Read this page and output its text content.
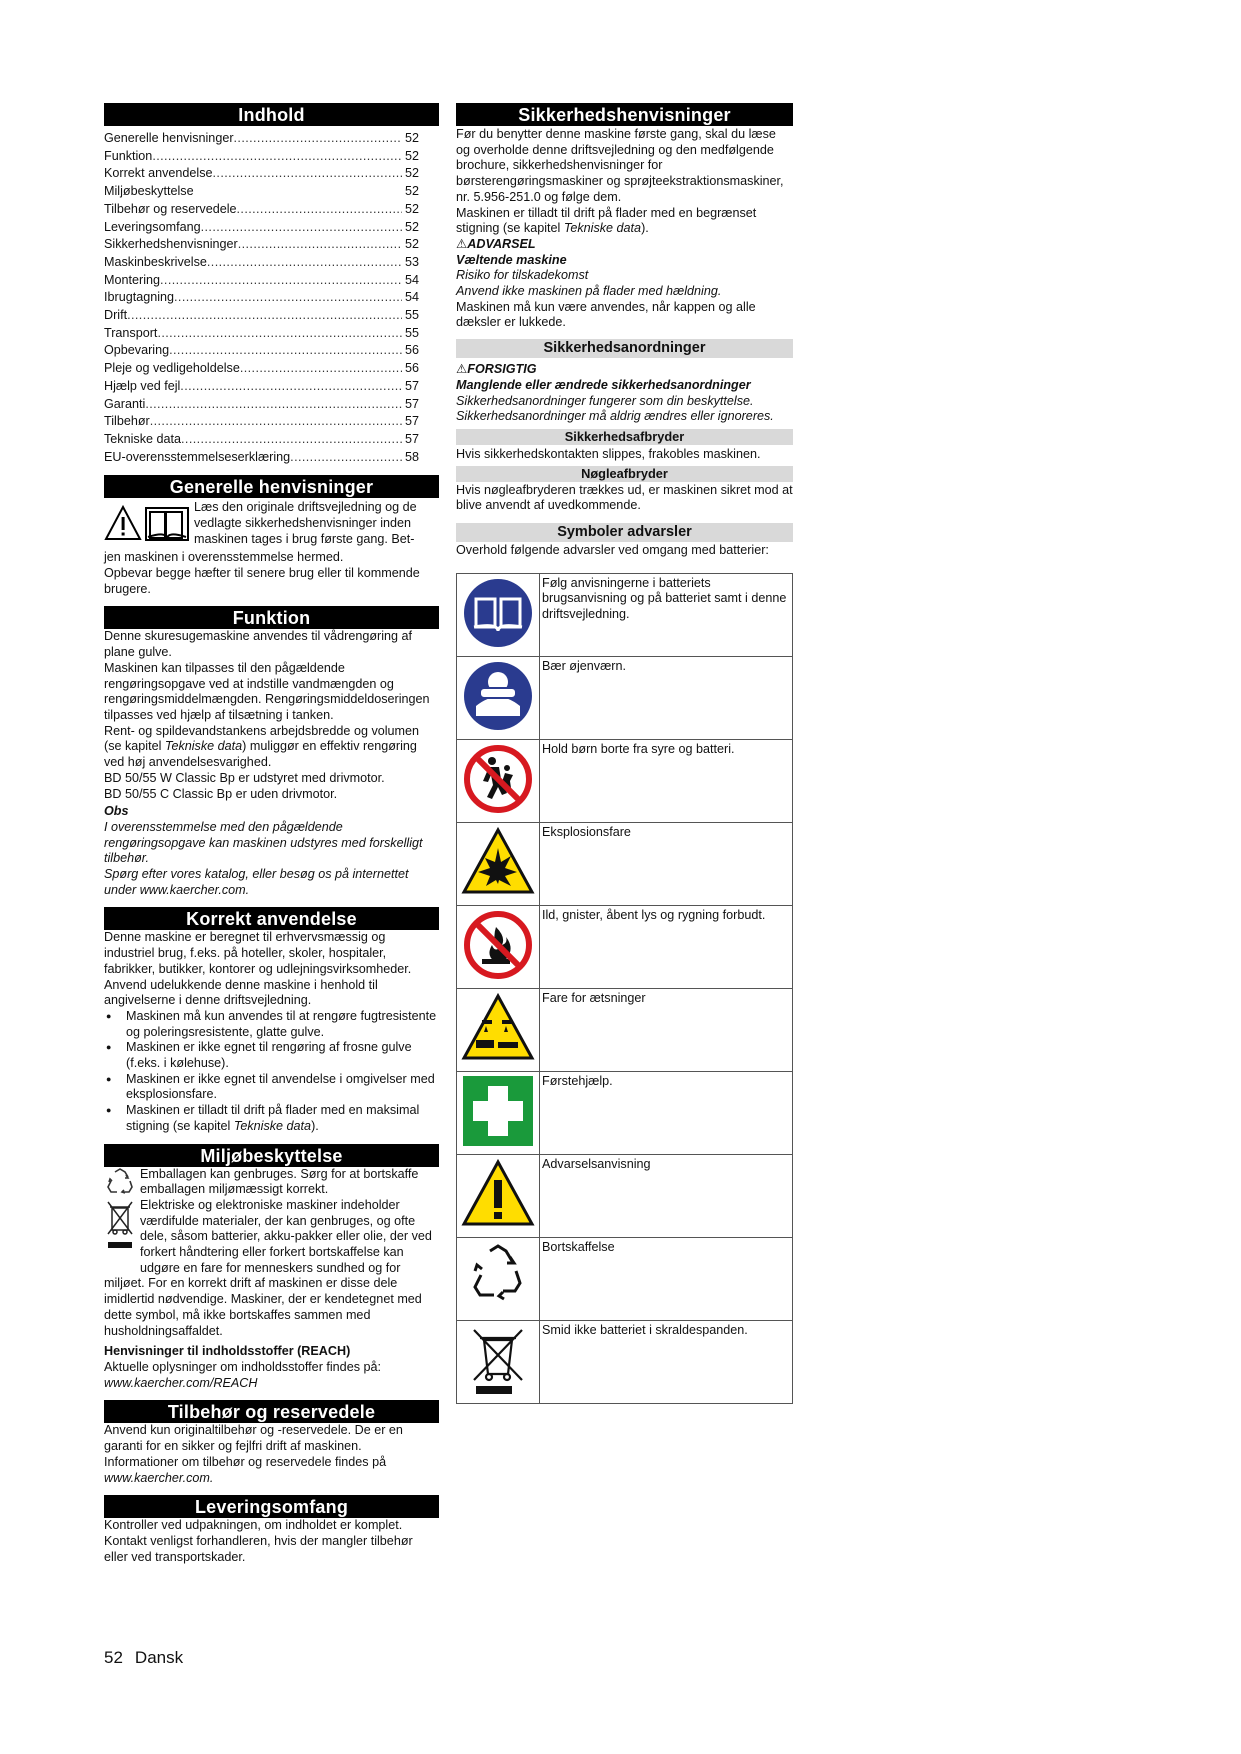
Indhold
Generelle henvisninger .....	52
Funktion .....	52
Korrekt anvendelse .....	52
Miljøbeskyttelse	52
Tilbehør og reservedele .....	52
Leveringsomfang .....	52
Sikkerhedshenvisninger .....	52
Maskinbeskrivelse .....	53
Montering .....	54
Ibrugtagning .....	54
Drift .....	55
Transport .....	55
Opbevaring .....	56
Pleje og vedligeholdelse .....	56
Hjælp ved fejl .....	57
Garanti .....	57
Tilbehør .....	57
Tekniske data .....	57
EU-overensstemmelseserklæring .....	58
Generelle henvisninger

Læs den originale driftsvejledning og de vedlagte sikkerhedshenvisninger inden maskinen tages i brug første gang. Bet-

jen maskinen i overensstemmelse hermed.

Opbevar begge hæfter til senere brug eller til kommende brugere.

Funktion

Denne skuresugemaskine anvendes til vådrengøring af plane gulve.

Maskinen kan tilpasses til den pågældende rengøringsopgave ved at indstille vandmængden og rengøringsmiddelmængden. Rengøringsmiddeldoseringen tilpasses ved hjælp af tilsætning i tanken.

Rent- og spildevandstankens arbejdsbredde og volumen (se kapitel Tekniske data) muliggør en effektiv rengøring ved høj anvendelsesvarighed.

BD 50/55 W Classic Bp er udstyret med drivmotor.

BD 50/55 C Classic Bp er uden drivmotor.

Obs

I overensstemmelse med den pågældende rengøringsopgave kan maskinen udstyres med forskelligt tilbehør.

Spørg efter vores katalog, eller besøg os på internettet under www.kaercher.com.

Korrekt anvendelse

Denne maskine er beregnet til erhvervsmæssig og industriel brug, f.eks. på hoteller, skoler, hospitaler, fabrikker, butikker, kontorer og udlejningsvirksomheder.

Anvend udelukkende denne maskine i henhold til angivelserne i denne driftsvejledning.

● Maskinen må kun anvendes til at rengøre fugtresistente og poleringsresistente, glatte gulve.
● Maskinen er ikke egnet til rengøring af frosne gulve (f.eks. i kølehuse).
● Maskinen er ikke egnet til anvendelse i omgivelser med eksplosionsfare.
● Maskinen er tilladt til drift på flader med en maksimal stigning (se kapitel Tekniske data).
Miljøbeskyttelse

Emballagen kan genbruges. Sørg for at bortskaffe emballagen miljømæssigt korrekt.

Elektriske og elektroniske maskiner indeholder værdifulde materialer, der kan genbruges, og ofte dele, såsom batterier, akku-pakker eller olie, der ved forkert håndtering eller forkert bortskaffelse kan udgøre en fare for menneskers sundhed og for miljøet. For en korrekt drift af maskinen er disse dele imidlertid nødvendige. Maskiner, der er kendetegnet med dette symbol, må ikke bortskaffes sammen med husholdningsaffaldet.

Henvisninger til indholdsstoffer (REACH)

Aktuelle oplysninger om indholdsstoffer findes på:

www.kaercher.com/REACH

Tilbehør og reservedele

Anvend kun originaltilbehør og -reservedele. De er en garanti for en sikker og fejlfri drift af maskinen.

Informationer om tilbehør og reservedele findes på

www.kaercher.com.

Leveringsomfang

Kontroller ved udpakningen, om indholdet er komplet. Kontakt venligst forhandleren, hvis der mangler tilbehør eller ved transportskader.

Sikkerhedshenvisninger

Før du benytter denne maskine første gang, skal du læse og overholde denne driftsvejledning og den medfølgende brochure, sikkerhedshenvisninger for børsterengøringsmaskiner og sprøjteekstraktionsmaskiner, nr. 5.956-251.0 og følge dem.

Maskinen er tilladt til drift på flader med en begrænset stigning (se kapitel Tekniske data).

⚠ADVARSEL

Væltende maskine

Risiko for tilskadekomst

Anvend ikke maskinen på flader med hældning.

Maskinen må kun være anvendes, når kappen og alle dæksler er lukkede.

Sikkerhedsanordninger

⚠FORSIGTIG

Manglende eller ændrede sikkerhedsanordninger

Sikkerhedsanordninger fungerer som din beskyttelse.

Sikkerhedsanordninger må aldrig ændres eller ignoreres.

Sikkerhedsafbryder

Hvis sikkerhedskontakten slippes, frakobles maskinen.

Nøgleafbryder

Hvis nøgleafbryderen trækkes ud, er maskinen sikret mod at blive anvendt af uvedkommende.

Symboler advarsler

Overhold følgende advarsler ved omgang med batterier:

	Følg anvisningerne i batteriets brugsanvisning og på batteriet samt i denne driftsvejledning.
	Bær øjenværn.
	Hold børn borte fra syre og batteri.
	Eksplosionsfare
	Ild, gnister, åbent lys og rygning forbudt.
	Fare for ætsninger
	Førstehjælp.
	Advarselsanvisning
	Bortskaffelse
	Smid ikke batteriet i skraldespanden.
52 Dansk
